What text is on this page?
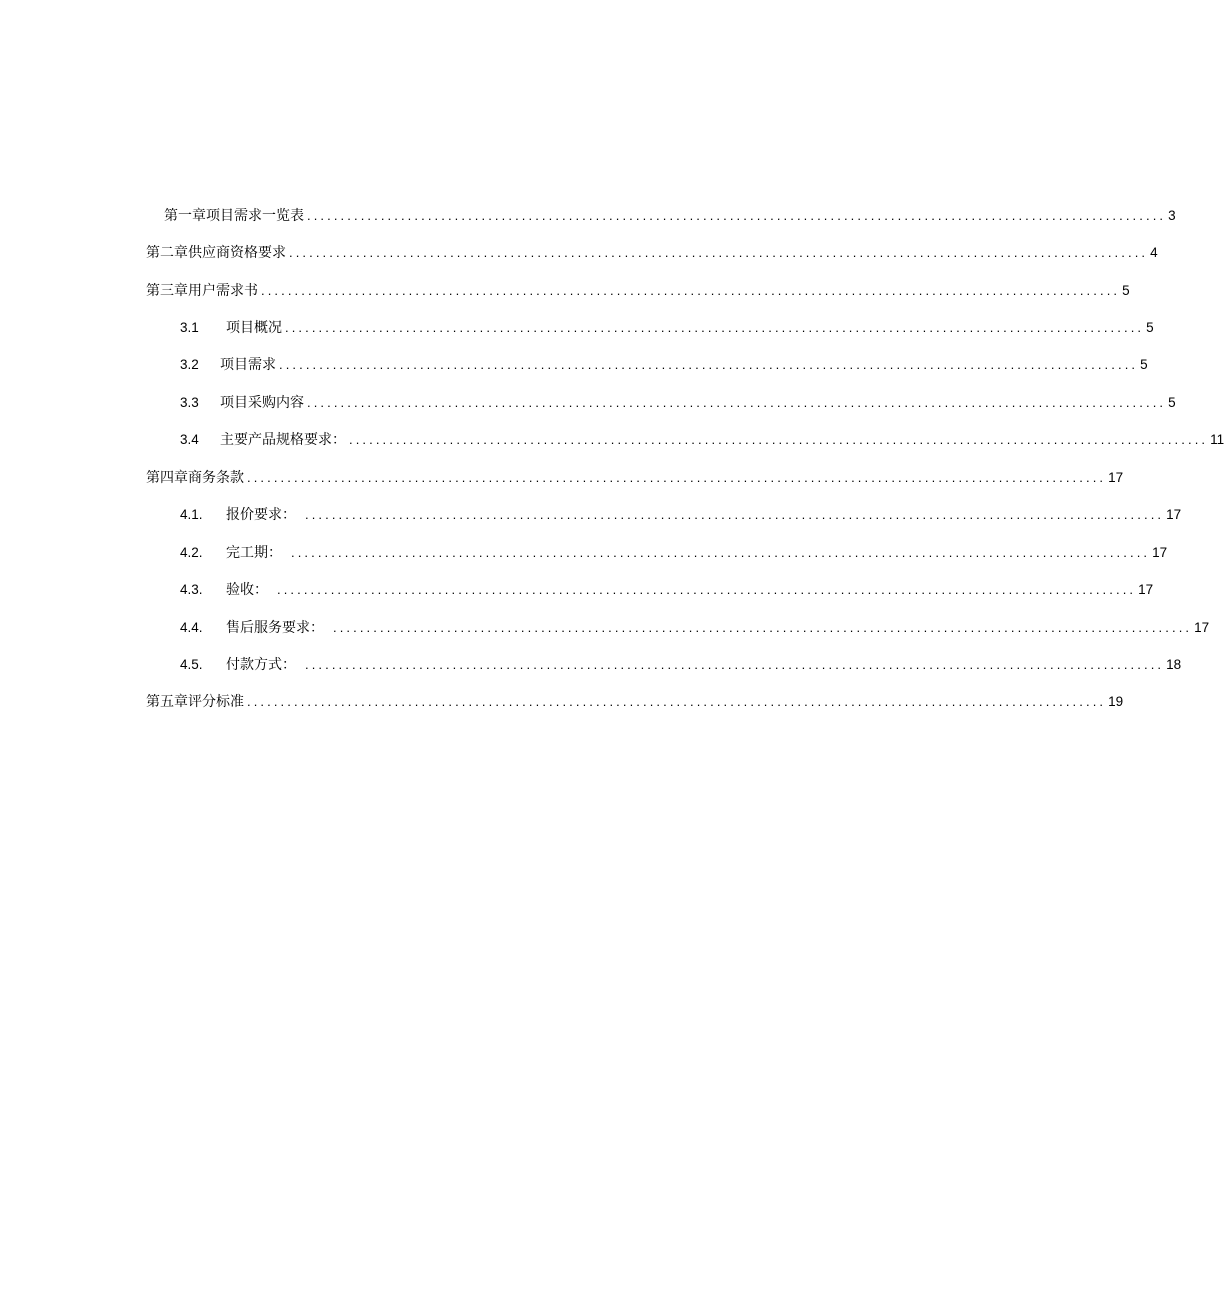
第一章项目需求一览表 ................................................................................................................................ 3
第二章供应商资格要求 ................................................................................................................................ 4
第三章用户需求书 ................................................................................................................................ 5
3.1	项目概况 ................................................................................................................................ 5
3.2	项目需求 ................................................................................................................................ 5
3.3	项目采购内容 ................................................................................................................................ 5
3.4	主要产品规格要求： ................................................................................................................................ 11
第四章商务条款 ................................................................................................................................ 17
4.1.	报价要求： ................................................................................................................................ 17
4.2.	完工期： ................................................................................................................................ 17
4.3.	验收： ................................................................................................................................ 17
4.4.	售后服务要求： ................................................................................................................................ 17
4.5.	付款方式： ................................................................................................................................ 18
第五章评分标准 ................................................................................................................................ 19
